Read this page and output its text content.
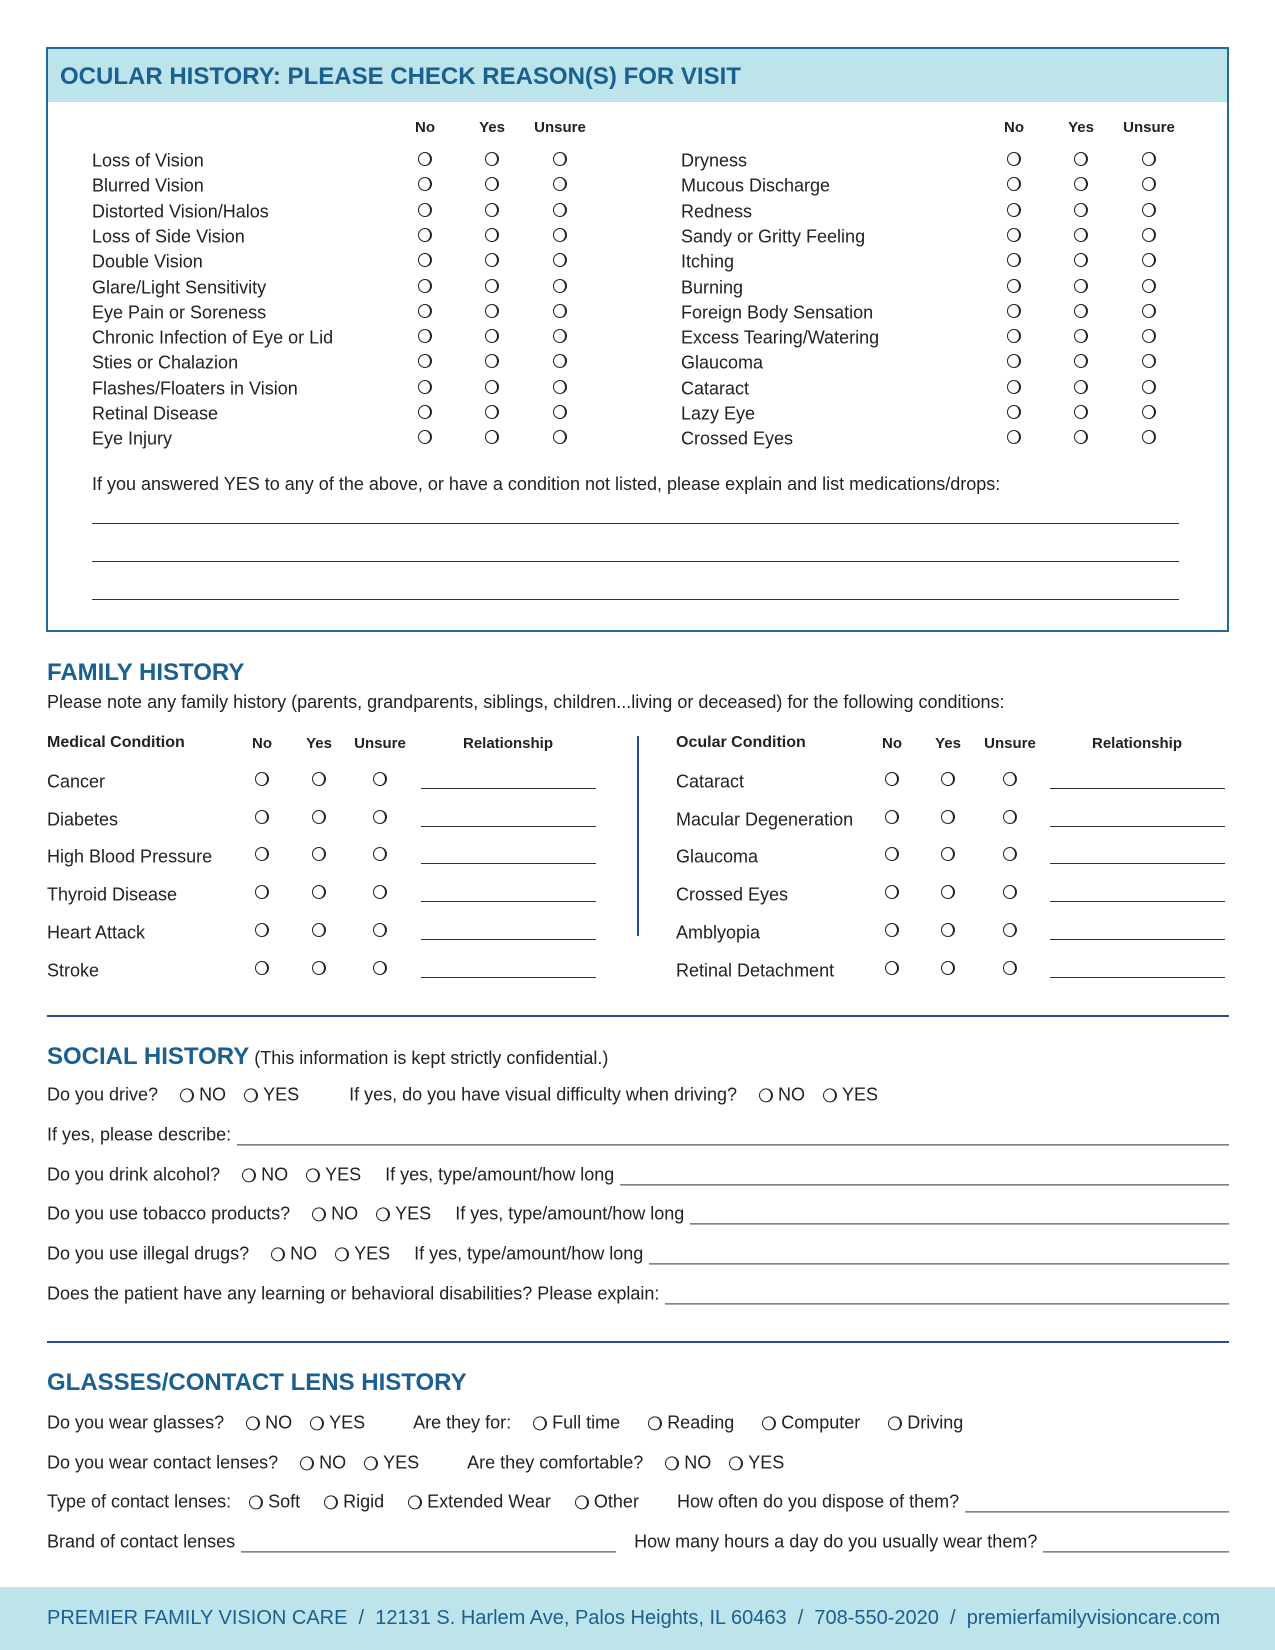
OCULAR HISTORY: PLEASE CHECK REASON(S) FOR VISIT
No	Yes Unsure
Loss of Vision
Blurred Vision
Distorted Vision/Halos
Loss of Side Vision
Double Vision
Glare/Light Sensitivity
Eye Pain or Soreness
Chronic Infection of Eye or Lid
Sties or Chalazion
Flashes/Floaters in Vision
Retinal Disease
Eye Injury
No	Yes Unsure
Dryness
Mucous Discharge
Redness
Sandy or Gritty Feeling
Itching
Burning
Foreign Body Sensation
Excess Tearing/Watering
Glaucoma
Cataract
Lazy Eye
Crossed Eyes
If you answered YES to any of the above, or have a condition not listed, please explain and list medications/drops:
FAMILY HISTORY
Please note any family history (parents, grandparents, siblings, children...living or deceased) for the following conditions:
Medical Condition	No Yes Unsure	Relationship
Cancer
Diabetes
High Blood Pressure
Thyroid Disease
Heart Attack
Stroke
Ocular Condition	No Yes Unsure	Relationship
Cataract
Macular Degeneration
Glaucoma
Crossed Eyes
Amblyopia
Retinal Detachment
SOCIAL HISTORY (This information is kept strictly confidential.)
Do you drive? NO YES	If yes, do you have visual difficulty when driving? NO YES
If yes, please describe:
Do you drink alcohol? NO YES If yes, type/amount/how long
Do you use tobacco products? NO YES If yes, type/amount/how long
Do you use illegal drugs? NO YES If yes, type/amount/how long
Does the patient have any learning or behavioral disabilities? Please explain:
GLASSES/CONTACT LENS HISTORY
Do you wear glasses? NO YES	Are they for: Full time	Reading	Computer	Driving
Do you wear contact lenses? NO YES	Are they comfortable? NO YES
Type of contact lenses: Soft Rigid Extended Wear Other How often do you dispose of them?
Brand of contact lenses	How many hours a day do you usually wear them?
PREMIER FAMILY VISION CARE  /  12131 S. Harlem Ave, Palos Heights, IL 60463  /  708-550-2020  /  premierfamilyvisioncare.com
